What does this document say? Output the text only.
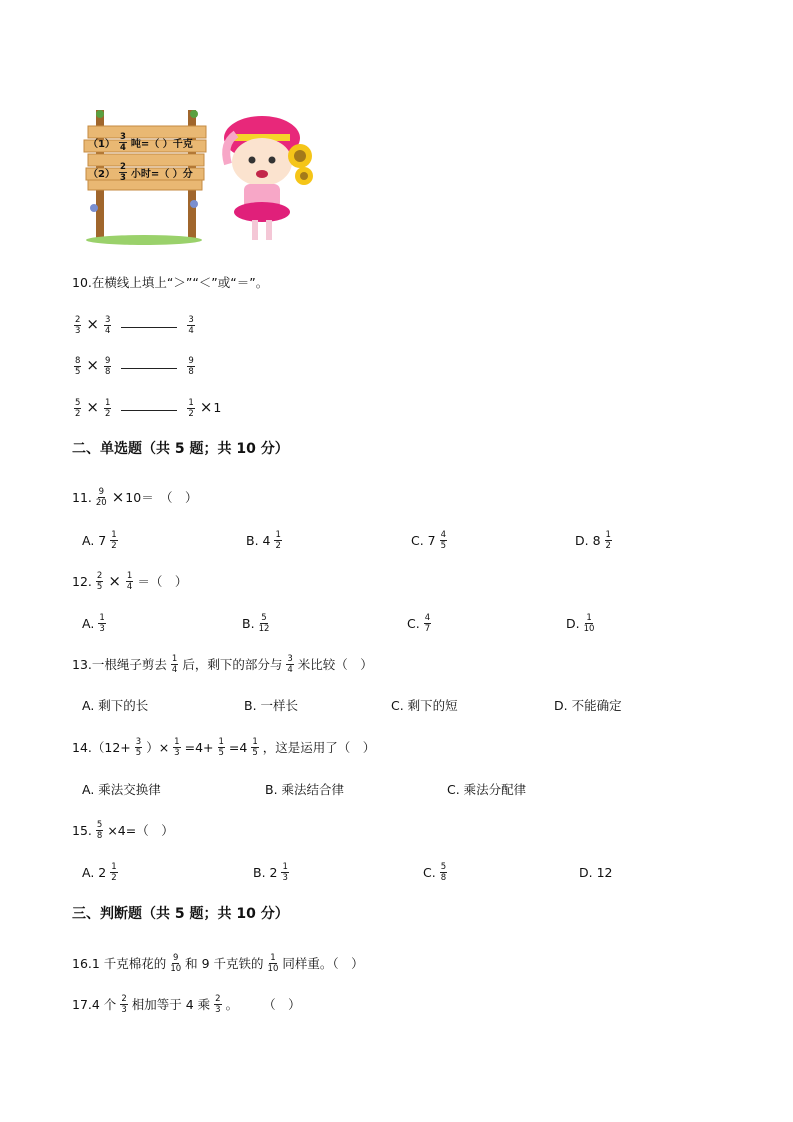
$(1) \frac{3}{4}$ 吨=（ ）千克
$(2) \frac{2}{3}$ 小时=（ ）分
10.在横线上填上“＞”“＜”或“＝”。
$\frac{2}{3} \times \frac{3}{4}$	$\frac{3}{4}$
$\frac{8}{5} \times \frac{9}{8}$	$\frac{9}{8}$
$\frac{5}{2} \times \frac{1}{2}$	$\frac{1}{2} \times 1$
二、单选题（共 5 题；共 10 分）
11. $\frac{9}{20} \times 10=$　（　）
A. $7 \frac{1}{2}$	B. $4 \frac{1}{2}$	C. $7 \frac{4}{5}$	D. $8 \frac{1}{2}$
12. $\frac{2}{5} \times \frac{1}{4}$ ＝（　）
A. $\frac{1}{3}$	B. $\frac{5}{12}$	C. $\frac{4}{7}$	D. $\frac{1}{10}$
13.一根绳子剪去 $\frac{1}{4}$ 后，剩下的部分与 $\frac{3}{4}$ 米比较（　）
A. 剩下的长	B. 一样长	C. 剩下的短	D. 不能确定
$14.(12+ \frac{3}{5}$ ）× $\frac{1}{3} =4+ \frac{1}{5} =4 \frac{1}{5}$ ，这是运用了（　）
A. 乘法交换律	B. 乘法结合律	C. 乘法分配律
15. $\frac{5}{8} \times 4=$（　）
A. $2 \frac{1}{2}$	B. $2 \frac{1}{3}$	C. $\frac{5}{8}$	D. 12
三、判断题（共 5 题；共 10 分）
16.1 千克棉花的 $\frac{9}{10}$ 和 9 千克铁的 $\frac{1}{10}$ 同样重。（　）
17.4 个 $\frac{2}{3}$ 相加等于 4 乘 $\frac{2}{3}$ 。　　　（　）
